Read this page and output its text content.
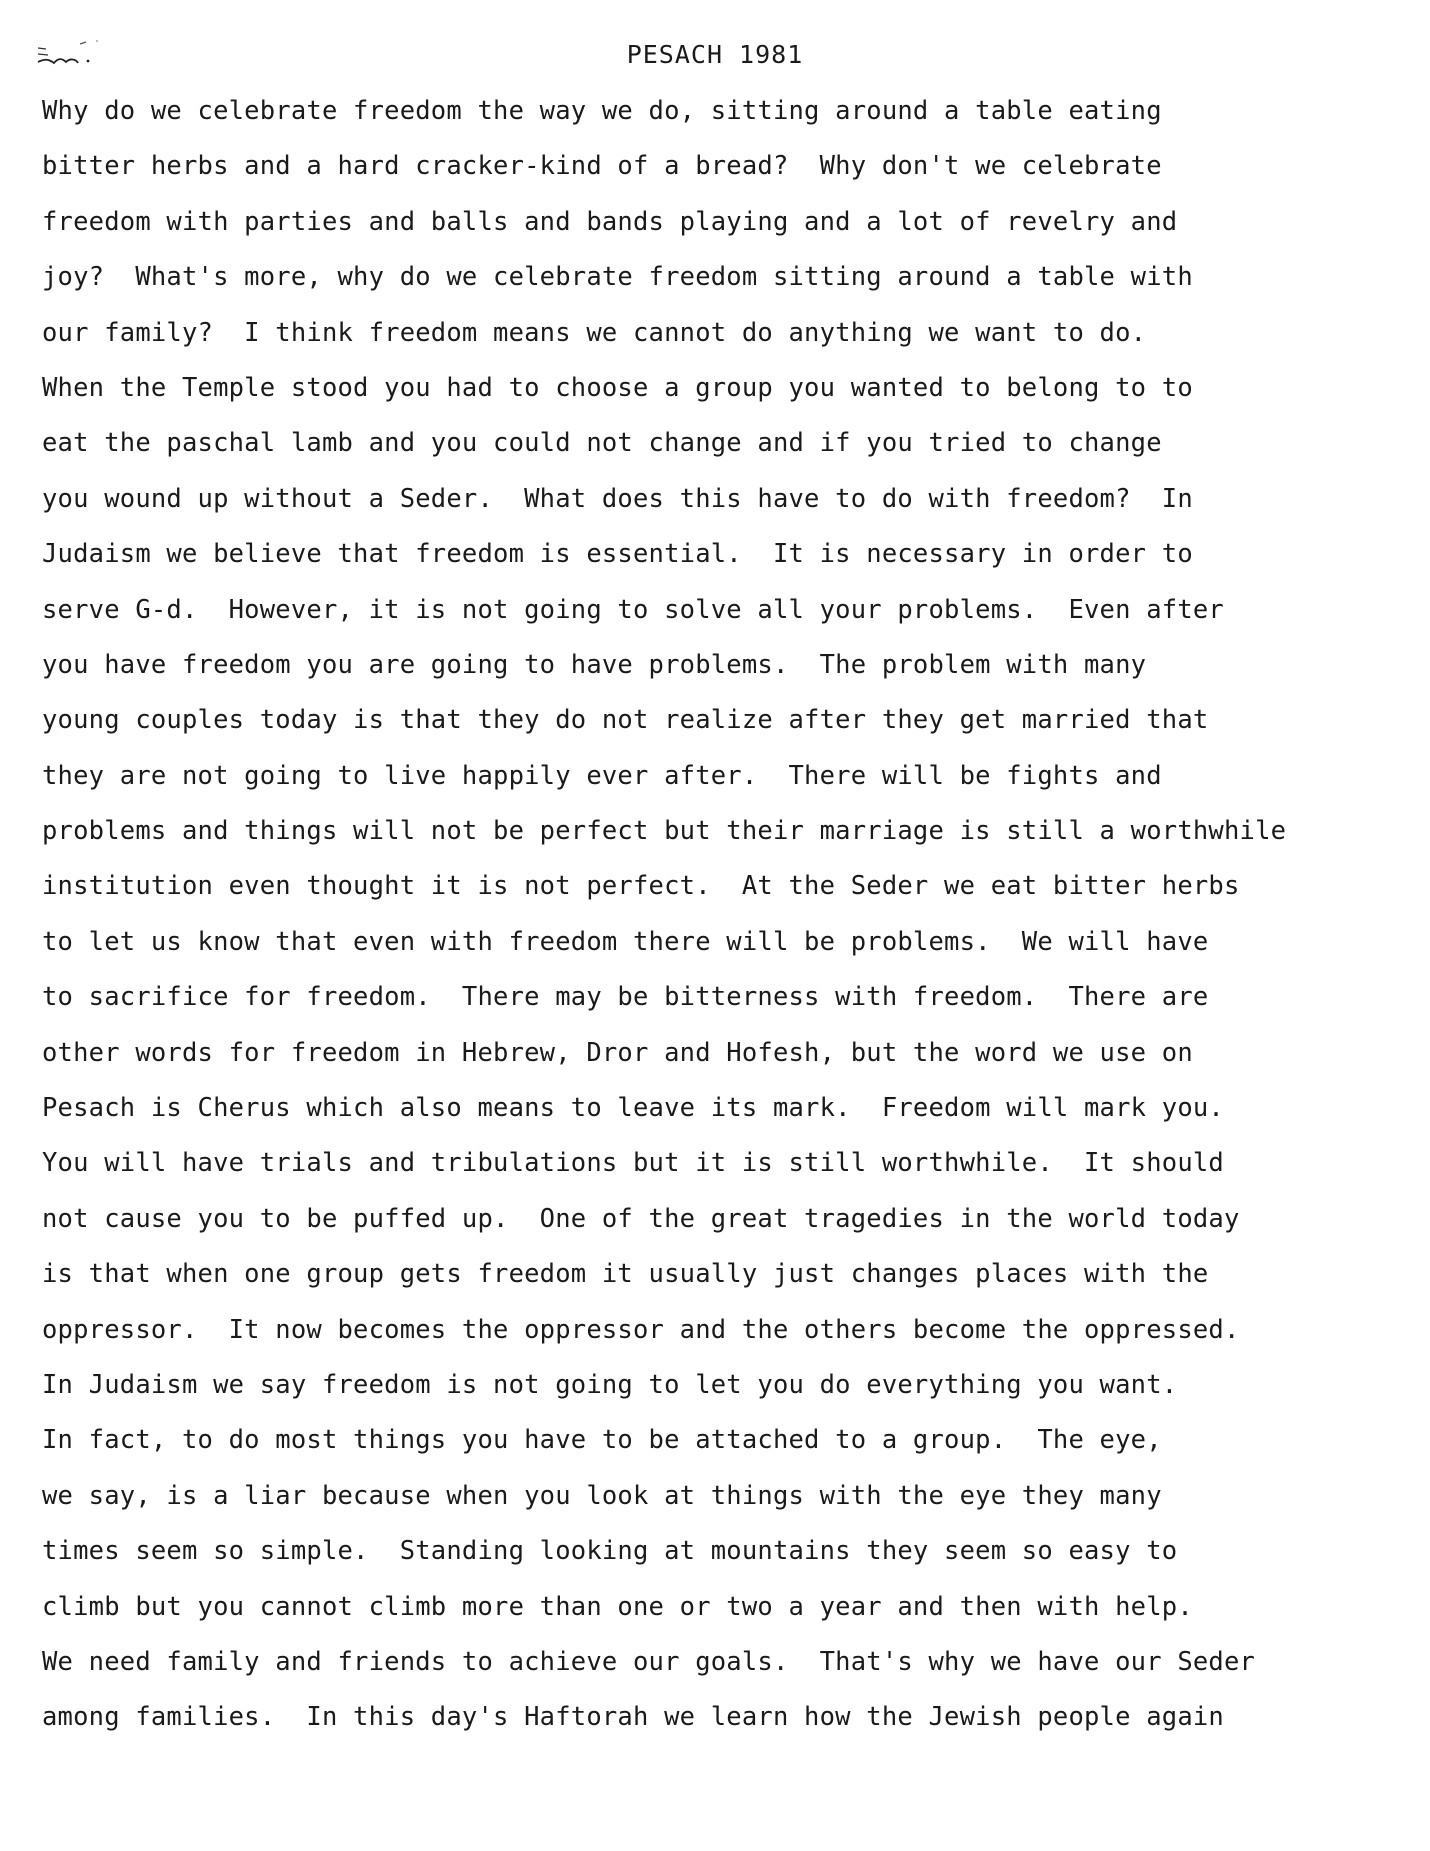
PESACH 1981
Why do we celebrate freedom the way we do, sitting around a table eating
bitter herbs and a hard cracker-kind of a bread?  Why don't we celebrate
freedom with parties and balls and bands playing and a lot of revelry and
joy?  What's more, why do we celebrate freedom sitting around a table with
our family?  I think freedom means we cannot do anything we want to do.
When the Temple stood you had to choose a group you wanted to belong to to
eat the paschal lamb and you could not change and if you tried to change
you wound up without a Seder.  What does this have to do with freedom?  In
Judaism we believe that freedom is essential.  It is necessary in order to
serve G-d.  However, it is not going to solve all your problems.  Even after
you have freedom you are going to have problems.  The problem with many
young couples today is that they do not realize after they get married that
they are not going to live happily ever after.  There will be fights and
problems and things will not be perfect but their marriage is still a worthwhile
institution even thought it is not perfect.  At the Seder we eat bitter herbs
to let us know that even with freedom there will be problems.  We will have
to sacrifice for freedom.  There may be bitterness with freedom.  There are
other words for freedom in Hebrew, Dror and Hofesh, but the word we use on
Pesach is Cherus which also means to leave its mark.  Freedom will mark you.
You will have trials and tribulations but it is still worthwhile.  It should
not cause you to be puffed up.  One of the great tragedies in the world today
is that when one group gets freedom it usually just changes places with the
oppressor.  It now becomes the oppressor and the others become the oppressed.
In Judaism we say freedom is not going to let you do everything you want.
In fact, to do most things you have to be attached to a group.  The eye,
we say, is a liar because when you look at things with the eye they many
times seem so simple.  Standing looking at mountains they seem so easy to
climb but you cannot climb more than one or two a year and then with help.
We need family and friends to achieve our goals.  That's why we have our Seder
among families.  In this day's Haftorah we learn how the Jewish people again
